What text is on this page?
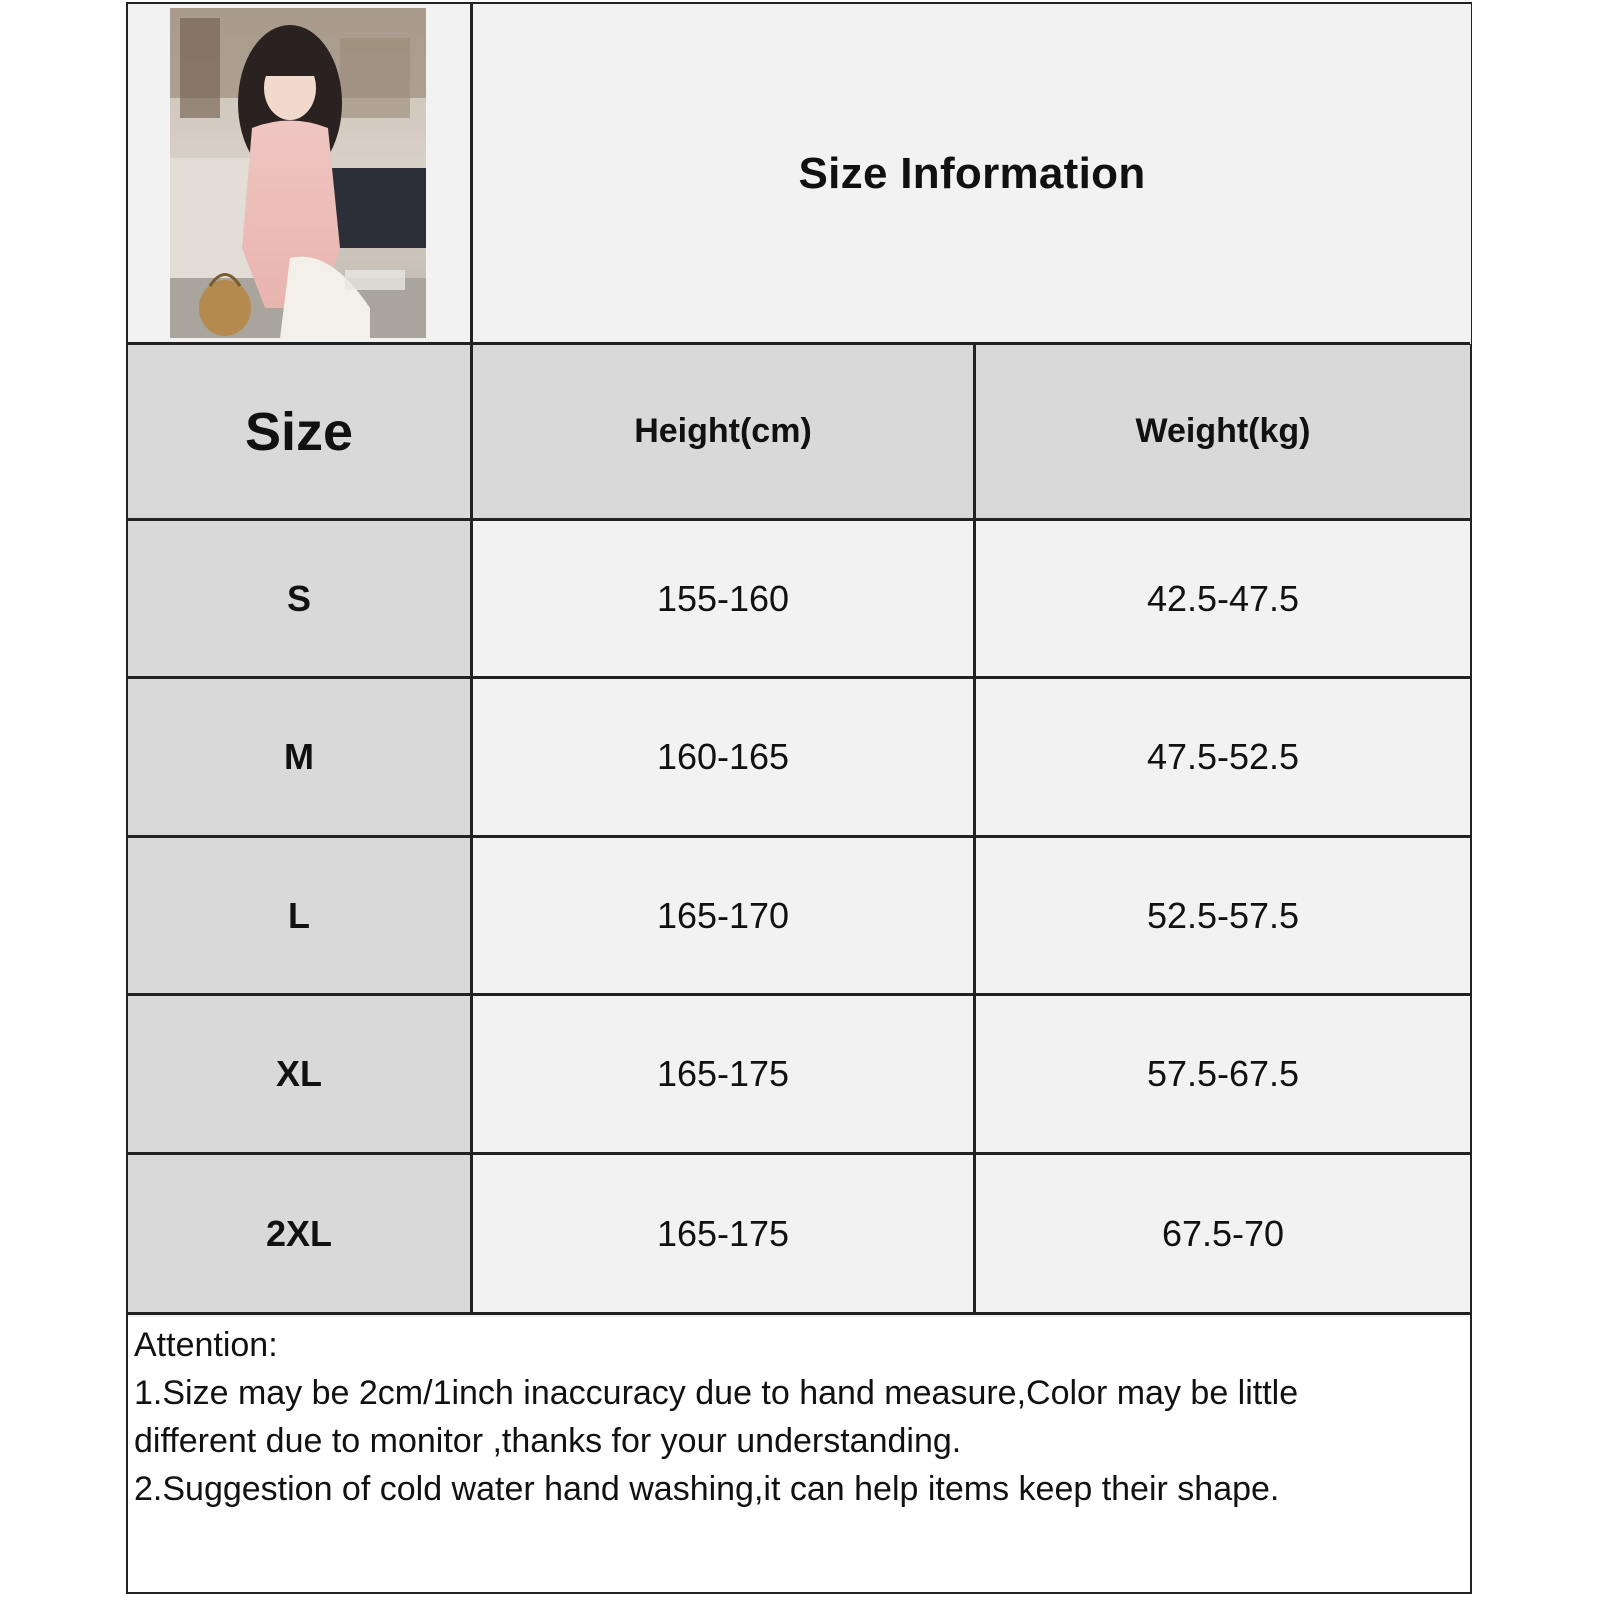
Size Information
Size	Height(cm)	Weight(kg)
S	155-160	42.5-47.5
M	160-165	47.5-52.5
L	165-170	52.5-57.5
XL	165-175	57.5-67.5
2XL	165-175	67.5-70
Attention:
1.Size may be 2cm/1inch inaccuracy due to hand measure,Color may be little
different due to monitor ,thanks for your understanding.
2.Suggestion of cold water hand washing,it can help items keep their shape.
